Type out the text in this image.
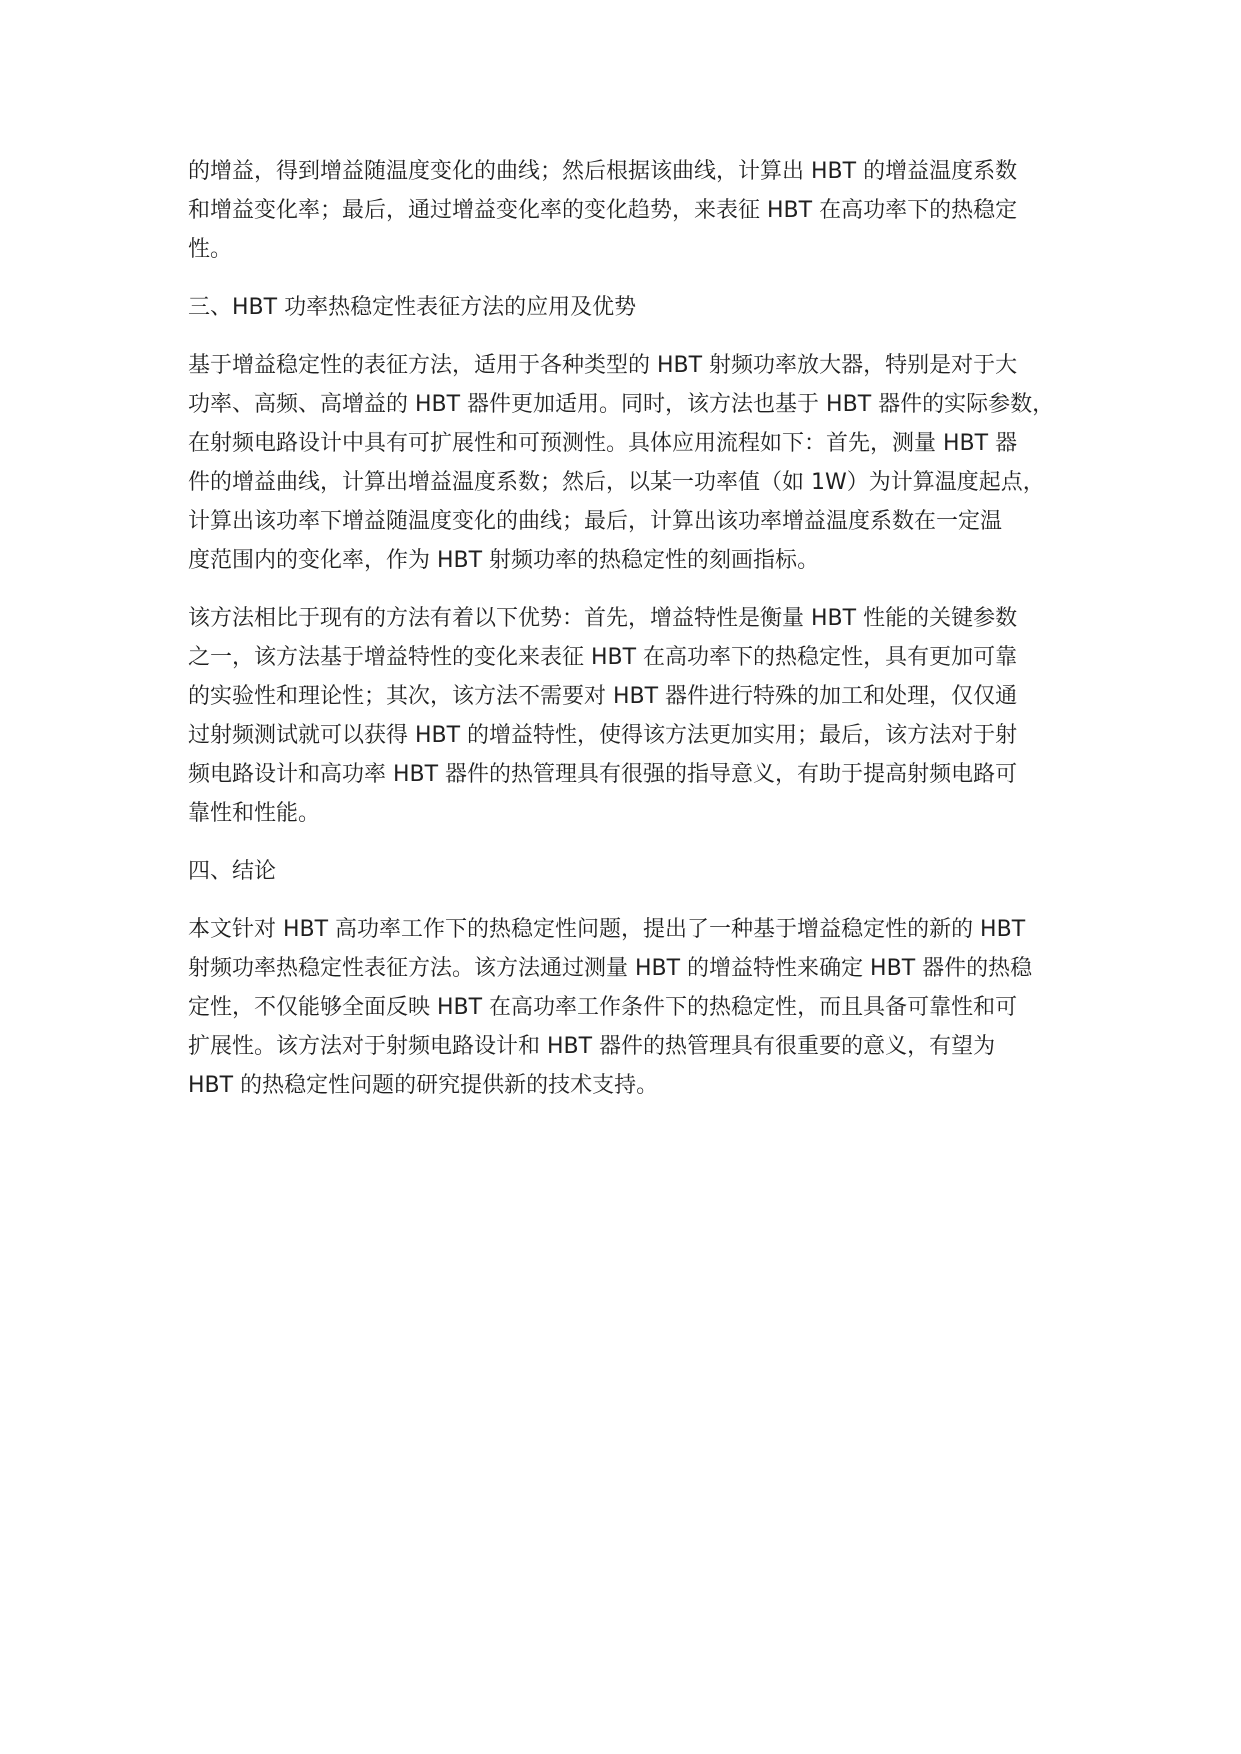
的增益，得到增益随温度变化的曲线；然后根据该曲线，计算出 HBT 的增益温度系数
和增益变化率；最后，通过增益变化率的变化趋势，来表征 HBT 在高功率下的热稳定
性。
三、HBT 功率热稳定性表征方法的应用及优势
基于增益稳定性的表征方法，适用于各种类型的 HBT 射频功率放大器，特别是对于大
功率、高频、高增益的 HBT 器件更加适用。同时，该方法也基于 HBT 器件的实际参数，
在射频电路设计中具有可扩展性和可预测性。具体应用流程如下：首先，测量 HBT 器
件的增益曲线，计算出增益温度系数；然后，以某一功率值（如 1W）为计算温度起点，
计算出该功率下增益随温度变化的曲线；最后，计算出该功率增益温度系数在一定温
度范围内的变化率，作为 HBT 射频功率的热稳定性的刻画指标。
该方法相比于现有的方法有着以下优势：首先，增益特性是衡量 HBT 性能的关键参数
之一，该方法基于增益特性的变化来表征 HBT 在高功率下的热稳定性，具有更加可靠
的实验性和理论性；其次，该方法不需要对 HBT 器件进行特殊的加工和处理，仅仅通
过射频测试就可以获得 HBT 的增益特性，使得该方法更加实用；最后，该方法对于射
频电路设计和高功率 HBT 器件的热管理具有很强的指导意义，有助于提高射频电路可
靠性和性能。
四、结论
本文针对 HBT 高功率工作下的热稳定性问题，提出了一种基于增益稳定性的新的 HBT
射频功率热稳定性表征方法。该方法通过测量 HBT 的增益特性来确定 HBT 器件的热稳
定性，不仅能够全面反映 HBT 在高功率工作条件下的热稳定性，而且具备可靠性和可
扩展性。该方法对于射频电路设计和 HBT 器件的热管理具有很重要的意义，有望为
HBT 的热稳定性问题的研究提供新的技术支持。
